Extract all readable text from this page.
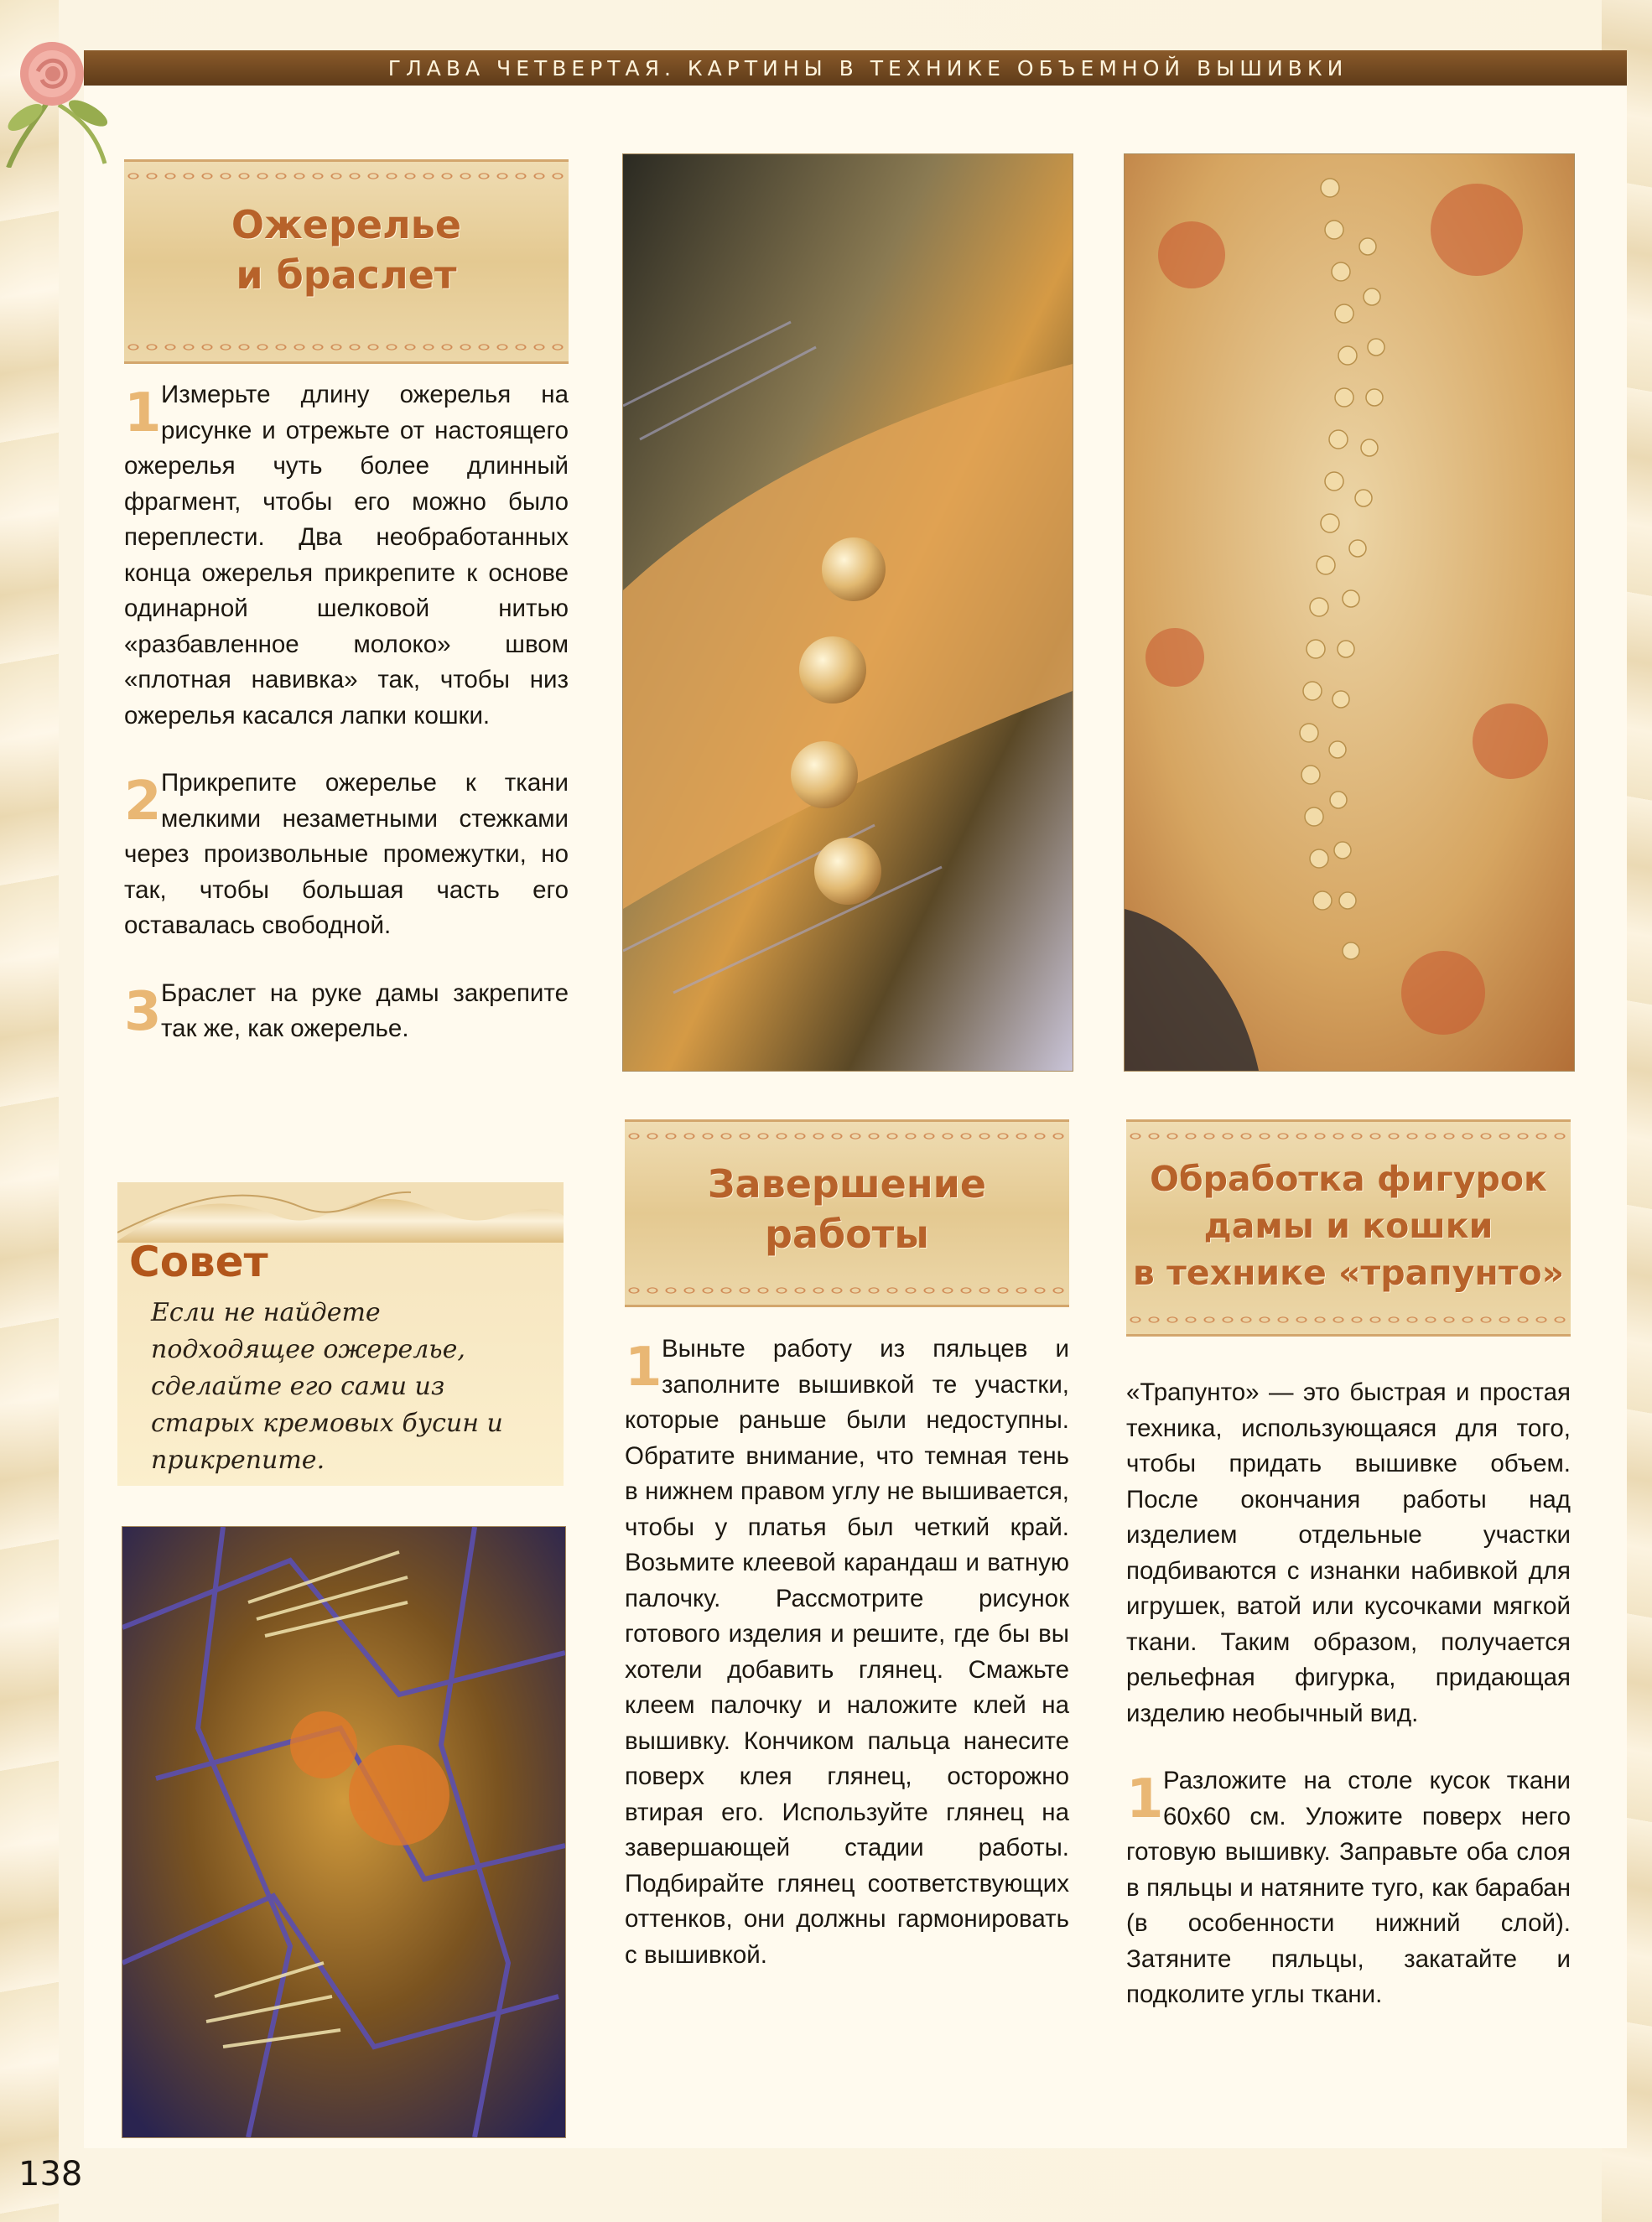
ГЛАВА ЧЕТВЕРТАЯ. КАРТИНЫ В ТЕХНИКЕ ОБЪЕМНОЙ ВЫШИВКИ
Ожерелье
и браслет
1 Измерьте длину ожерелья на рисунке и отрежьте от настоящего ожерелья чуть более длинный фрагмент, чтобы его можно было переплести. Два необработанных конца ожерелья прикрепите к основе одинарной шелковой нитью «разбавленное молоко» швом «плотная навивка» так, чтобы низ ожерелья касался лапки кошки.
2 Прикрепите ожерелье к ткани мелкими незаметными стежками через произвольные промежутки, но так, чтобы большая часть его оставалась свободной.
3 Браслет на руке дамы закрепите так же, как ожерелье.
Совет
Если не найдете подходящее ожерелье, сделайте его сами из старых кремовых бусин и прикрепите.
Завершение
работы
1 Выньте работу из пяльцев и заполните вышивкой те участки, которые раньше были недоступны. Обратите внимание, что темная тень в нижнем правом углу не вышивается, чтобы у платья был четкий край. Возьмите клеевой карандаш и ватную палочку. Рассмотрите рисунок готового изделия и решите, где бы вы хотели добавить глянец. Смажьте клеем палочку и наложите клей на вышивку. Кончиком пальца нанесите поверх клея глянец, осторожно втирая его. Используйте глянец на завершающей стадии работы. Подбирайте глянец соответствующих оттенков, они должны гармонировать с вышивкой.
Обработка фигурок
дамы и кошки
в технике «трапунто»
«Трапунто» — это быстрая и простая техника, использующаяся для того, чтобы придать вышивке объем. После окончания работы над изделием отдельные участки подбиваются с изнанки набивкой для игрушек, ватой или кусочками мягкой ткани. Таким образом, получается рельефная фигурка, придающая изделию необычный вид.
1 Разложите на столе кусок ткани 60х60 см. Уложите поверх него готовую вышивку. Заправьте оба слоя в пяльцы и натяните туго, как барабан (в особенности нижний слой). Затяните пяльцы, закатайте и подколите углы ткани.
138
